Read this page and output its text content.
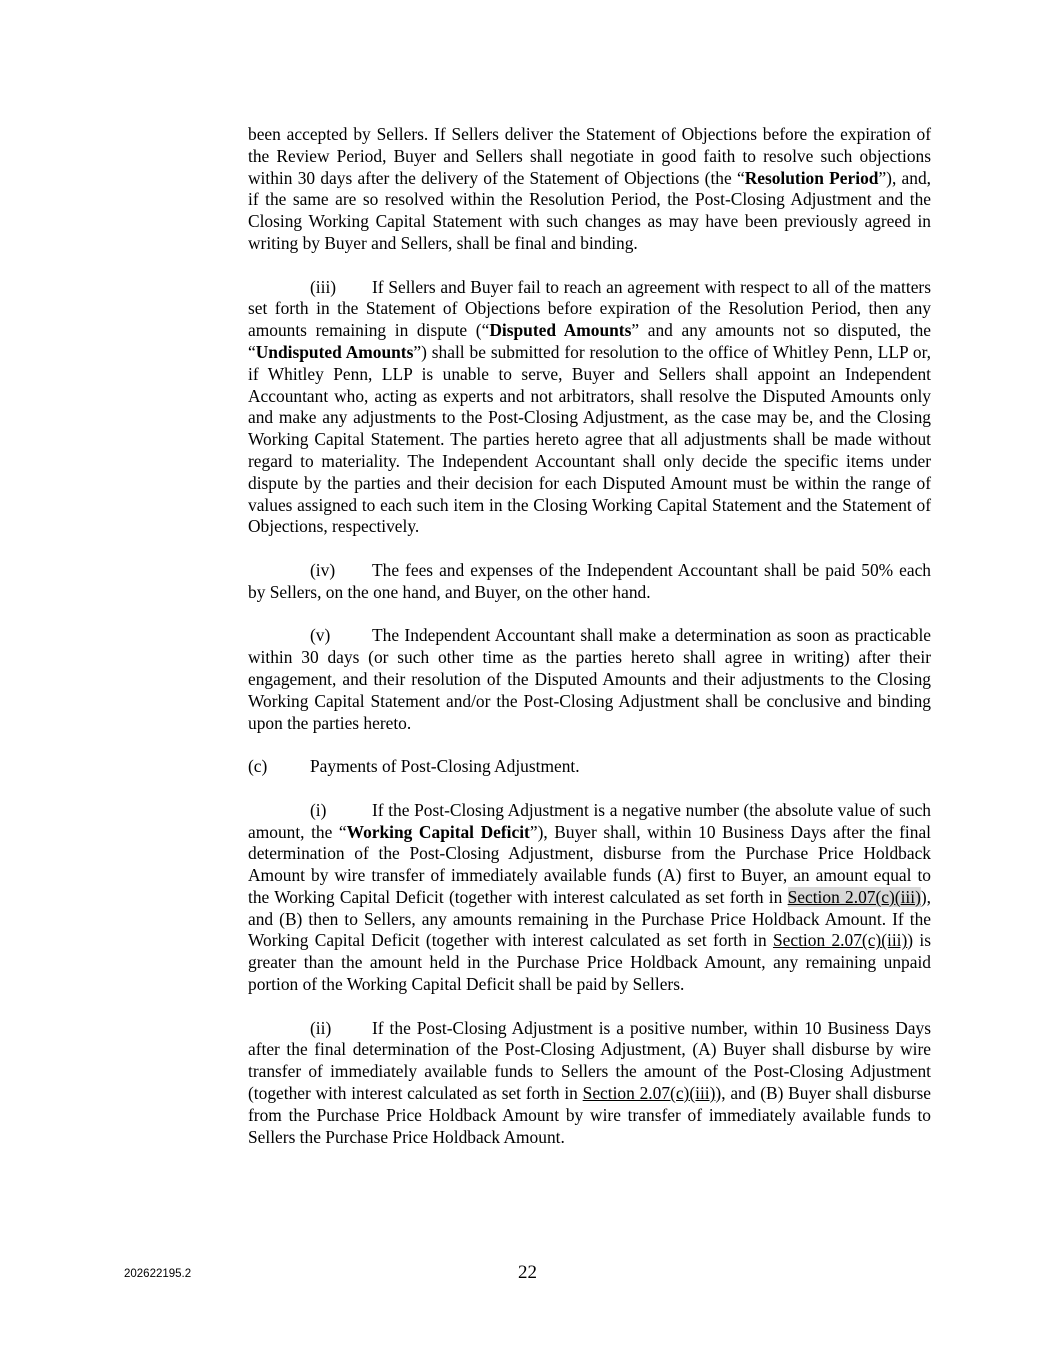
been accepted by Sellers. If Sellers deliver the Statement of Objections before the expiration of the Review Period, Buyer and Sellers shall negotiate in good faith to resolve such objections within 30 days after the delivery of the Statement of Objections (the “Resolution Period”), and, if the same are so resolved within the Resolution Period, the Post-Closing Adjustment and the Closing Working Capital Statement with such changes as may have been previously agreed in writing by Buyer and Sellers, shall be final and binding.

(iii) If Sellers and Buyer fail to reach an agreement with respect to all of the matters set forth in the Statement of Objections before expiration of the Resolution Period, then any amounts remaining in dispute (“Disputed Amounts” and any amounts not so disputed, the “Undisputed Amounts”) shall be submitted for resolution to the office of Whitley Penn, LLP or, if Whitley Penn, LLP is unable to serve, Buyer and Sellers shall appoint an Independent Accountant who, acting as experts and not arbitrators, shall resolve the Disputed Amounts only and make any adjustments to the Post-Closing Adjustment, as the case may be, and the Closing Working Capital Statement. The parties hereto agree that all adjustments shall be made without regard to materiality. The Independent Accountant shall only decide the specific items under dispute by the parties and their decision for each Disputed Amount must be within the range of values assigned to each such item in the Closing Working Capital Statement and the Statement of Objections, respectively.

(iv) The fees and expenses of the Independent Accountant shall be paid 50% each by Sellers, on the one hand, and Buyer, on the other hand.

(v) The Independent Accountant shall make a determination as soon as practicable within 30 days (or such other time as the parties hereto shall agree in writing) after their engagement, and their resolution of the Disputed Amounts and their adjustments to the Closing Working Capital Statement and/or the Post-Closing Adjustment shall be conclusive and binding upon the parties hereto.

(c) Payments of Post-Closing Adjustment.

(i)	If the Post-Closing Adjustment is a negative number (the absolute value of such amount, the “Working Capital Deficit”), Buyer shall, within 10 Business Days after the final determination of the Post-Closing Adjustment, disburse from the Purchase Price Holdback Amount by wire transfer of immediately available funds (A) first to Buyer, an amount equal to the Working Capital Deficit (together with interest calculated as set forth in Section 2.07(c)(iii)), and (B) then to Sellers, any amounts remaining in the Purchase Price Holdback Amount. If the Working Capital Deficit (together with interest calculated as set forth in Section 2.07(c)(iii)) is greater than the amount held in the Purchase Price Holdback Amount, any remaining unpaid portion of the Working Capital Deficit shall be paid by Sellers.

(ii) If the Post-Closing Adjustment is a positive number, within 10 Business Days after the final determination of the Post-Closing Adjustment, (A) Buyer shall disburse by wire transfer of immediately available funds to Sellers the amount of the Post-Closing Adjustment (together with interest calculated as set forth in Section 2.07(c)(iii)), and (B) Buyer shall disburse from the Purchase Price Holdback Amount by wire transfer of immediately available funds to Sellers the Purchase Price Holdback Amount.

202622195.2	22
